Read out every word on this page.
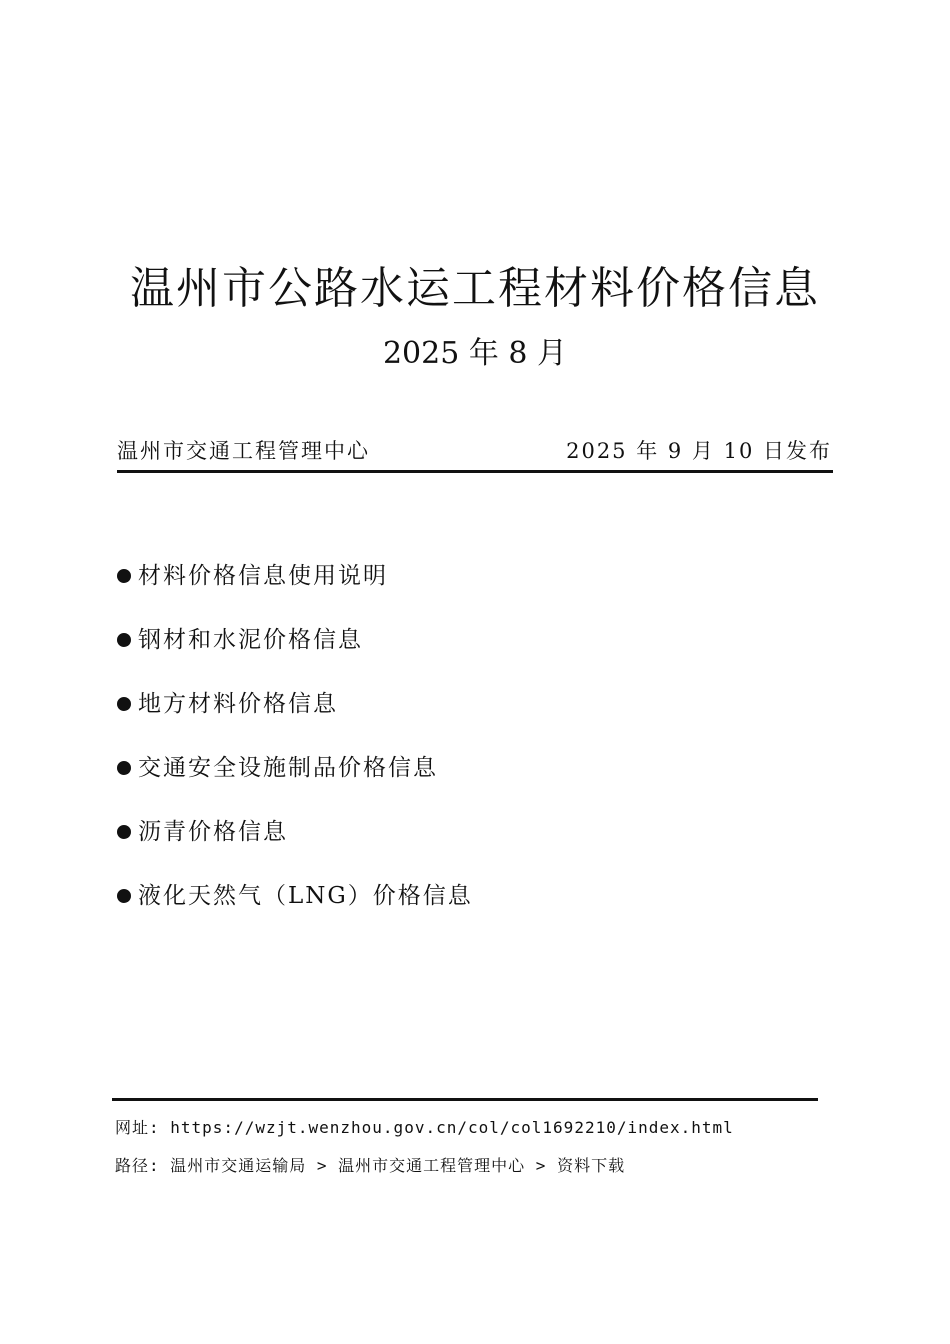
温州市公路水运工程材料价格信息
2025 年 8 月
温州市交通工程管理中心	2025 年 9 月 10 日发布
材料价格信息使用说明
钢材和水泥价格信息
地方材料价格信息
交通安全设施制品价格信息
沥青价格信息
液化天然气（LNG）价格信息
网址: https://wzjt.wenzhou.gov.cn/col/col1692210/index.html
路径: 温州市交通运输局 > 温州市交通工程管理中心 > 资料下载
